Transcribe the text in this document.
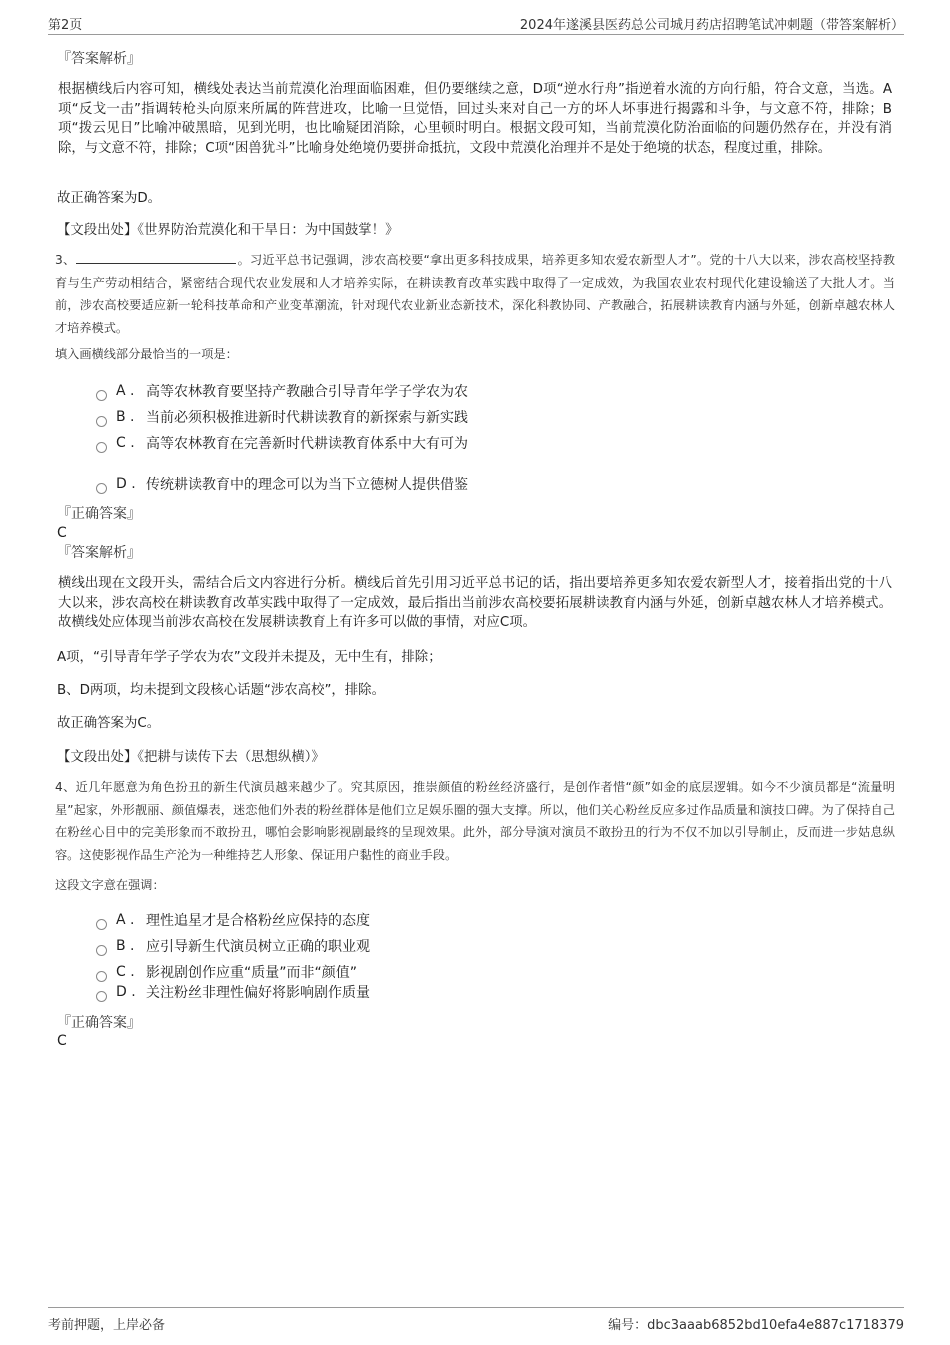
第2页	2024年遂溪县医药总公司城月药店招聘笔试冲刺题（带答案解析）
『答案解析』

根据横线后内容可知，横线处表达当前荒漠化治理面临困难，但仍要继续之意，D项“逆水行舟”指逆着水流的方向行船，符合文意，当选。A项“反戈一击”指调转枪头向原来所属的阵营进攻，比喻一旦觉悟，回过头来对自己一方的坏人坏事进行揭露和斗争，与文意不符，排除；B项“拨云见日”比喻冲破黑暗，见到光明，也比喻疑团消除，心里顿时明白。根据文段可知，当前荒漠化防治面临的问题仍然存在，并没有消除，与文意不符，排除；C项“困兽犹斗”比喻身处绝境仍要拼命抵抗，文段中荒漠化治理并不是处于绝境的状态，程度过重，排除。

故正确答案为D。
【文段出处】《世界防治荒漠化和干旱日：为中国鼓掌！》

3、	。习近平总书记强调，涉农高校要“拿出更多科技成果，培养更多知农爱农新型人才”。党的十八大以来，涉农高校坚持教育与生产劳动相结合，紧密结合现代农业发展和人才培养实际，在耕读教育改革实践中取得了一定成效，为我国农业农村现代化建设输送了大批人才。当前，涉农高校要适应新一轮科技革命和产业变革潮流，针对现代农业新业态新技术，深化科教协同、产教融合，拓展耕读教育内涵与外延，创新卓越农林人才培养模式。

填入画横线部分最恰当的一项是：
A . 高等农林教育要坚持产教融合引导青年学子学农为农
B . 当前必须积极推进新时代耕读教育的新探索与新实践
C . 高等农林教育在完善新时代耕读教育体系中大有可为
D . 传统耕读教育中的理念可以为当下立德树人提供借鉴
『正确答案』
C
『答案解析』

横线出现在文段开头，需结合后文内容进行分析。横线后首先引用习近平总书记的话，指出要培养更多知农爱农新型人才，接着指出党的十八大以来，涉农高校在耕读教育改革实践中取得了一定成效，最后指出当前涉农高校要拓展耕读教育内涵与外延，创新卓越农林人才培养模式。故横线处应体现当前涉农高校在发展耕读教育上有许多可以做的事情，对应C项。

A项，“引导青年学子学农为农”文段并未提及，无中生有，排除；
B、D两项，均未提到文段核心话题“涉农高校”，排除。
故正确答案为C。
【文段出处】《把耕与读传下去（思想纵横）》

4、近几年愿意为角色扮丑的新生代演员越来越少了。究其原因，推崇颜值的粉丝经济盛行，是创作者惜“颜”如金的底层逻辑。如今不少演员都是“流量明星”起家，外形靓丽、颜值爆表，迷恋他们外表的粉丝群体是他们立足娱乐圈的强大支撑。所以，他们关心粉丝反应多过作品质量和演技口碑。为了保持自己在粉丝心目中的完美形象而不敢扮丑，哪怕会影响影视剧最终的呈现效果。此外，部分导演对演员不敢扮丑的行为不仅不加以引导制止，反而进一步姑息纵容。这使影视作品生产沦为一种维持艺人形象、保证用户黏性的商业手段。

这段文字意在强调：
A . 理性追星才是合格粉丝应保持的态度
B . 应引导新生代演员树立正确的职业观
C . 影视剧创作应重“质量”而非“颜值”
D . 关注粉丝非理性偏好将影响剧作质量
『正确答案』
C
考前押题，上岸必备	编号：dbc3aaab6852bd10efa4e887c1718379
